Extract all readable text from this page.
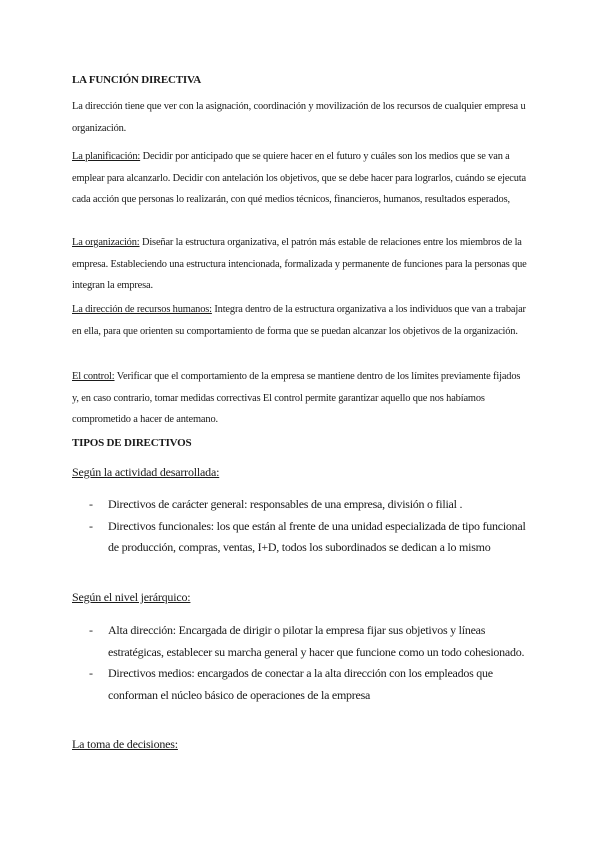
LA FUNCIÓN DIRECTIVA

La dirección tiene que ver con la asignación, coordinación y movilización de los recursos de cualquier empresa u organización.

La planificación: Decidir por anticipado que se quiere hacer en el futuro y cuáles son los medios que se van a emplear para alcanzarlo. Decidir con antelación los objetivos, que se debe hacer para lograrlos, cuándo se ejecuta cada acción que personas lo realizarán, con qué medios técnicos, financieros, humanos, resultados esperados,

La organización: Diseñar la estructura organizativa, el patrón más estable de relaciones entre los miembros de la empresa. Estableciendo una estructura intencionada, formalizada y permanente de funciones para la personas que integran la empresa.

La dirección de recursos humanos: Integra dentro de la estructura organizativa a los individuos que van a trabajar en ella, para que orienten su comportamiento de forma que se puedan alcanzar los objetivos de la organización.

El control: Verificar que el comportamiento de la empresa se mantiene dentro de los límites previamente fijados y, en caso contrario, tomar medidas correctivas El control permite garantizar aquello que nos habíamos comprometido a hacer de antemano.

TIPOS DE DIRECTIVOS
Según la actividad desarrollada:
- Directivos de carácter general: responsables de una empresa, división o filial .
- Directivos funcionales: los que están al frente de una unidad especializada de tipo funcional de producción, compras, ventas, I+D, todos los subordinados se dedican a lo mismo
Según el nivel jerárquico:
- Alta dirección: Encargada de dirigir o pilotar la empresa fijar sus objetivos y líneas estratégicas, establecer su marcha general y hacer que funcione como un todo cohesionado.
- Directivos medios: encargados de conectar a la alta dirección con los empleados que conforman el núcleo básico de operaciones de la empresa
La toma de decisiones:
